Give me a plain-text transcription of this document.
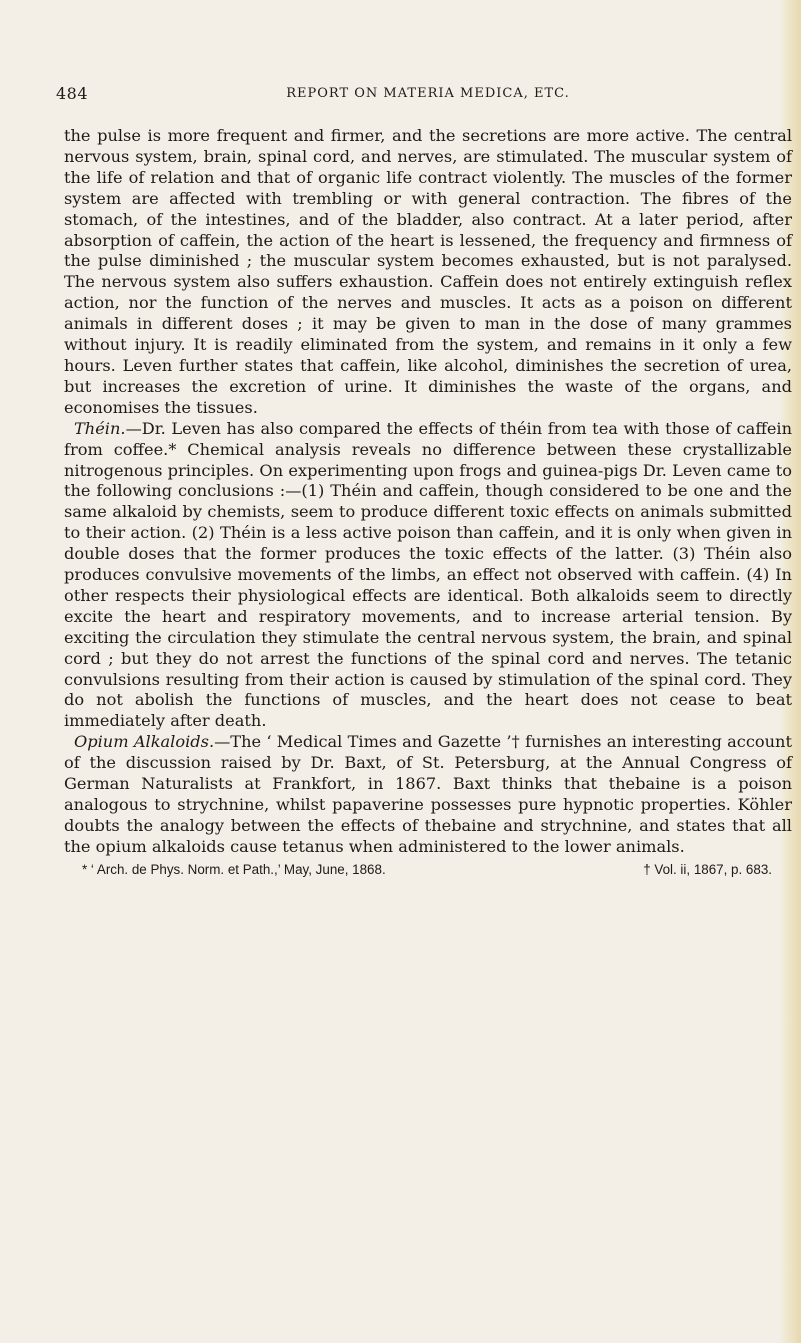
484	REPORT ON MATERIA MEDICA, ETC.

the pulse is more frequent and firmer, and the secretions are more active. The central nervous system, brain, spinal cord, and nerves, are stimulated. The muscular system of the life of relation and that of organic life contract violently. The muscles of the former system are affected with trembling or with general contraction. The fibres of the stomach, of the intestines, and of the bladder, also contract. At a later period, after absorption of caffein, the action of the heart is lessened, the frequency and firmness of the pulse diminished ; the muscular system becomes exhausted, but is not paralysed. The nervous system also suffers exhaustion. Caffein does not entirely extinguish reflex action, nor the function of the nerves and muscles. It acts as a poison on different animals in different doses ; it may be given to man in the dose of many grammes without injury. It is readily eliminated from the system, and remains in it only a few hours. Leven further states that caffein, like alcohol, diminishes the secretion of urea, but increases the excretion of urine. It diminishes the waste of the organs, and economises the tissues.

Théin.—Dr. Leven has also compared the effects of théin from tea with those of caffein from coffee.* Chemical analysis reveals no difference between these crystallizable nitrogenous principles. On experimenting upon frogs and guinea-pigs Dr. Leven came to the following conclusions :—(1) Théin and caffein, though considered to be one and the same alkaloid by chemists, seem to produce different toxic effects on animals submitted to their action. (2) Théin is a less active poison than caffein, and it is only when given in double doses that the former produces the toxic effects of the latter. (3) Théin also produces convulsive movements of the limbs, an effect not observed with caffein. (4) In other respects their physiological effects are identical. Both alkaloids seem to directly excite the heart and respiratory movements, and to increase arterial tension. By exciting the circulation they stimulate the central nervous system, the brain, and spinal cord ; but they do not arrest the functions of the spinal cord and nerves. The tetanic convulsions resulting from their action is caused by stimulation of the spinal cord. They do not abolish the functions of muscles, and the heart does not cease to beat immediately after death.

Opium Alkaloids.—The ‘ Medical Times and Gazette ’† furnishes an interesting account of the discussion raised by Dr. Baxt, of St. Petersburg, at the Annual Congress of German Naturalists at Frankfort, in 1867. Baxt thinks that thebaine is a poison analogous to strychnine, whilst papaverine possesses pure hypnotic properties. Köhler doubts the analogy between the effects of thebaine and strychnine, and states that all the opium alkaloids cause tetanus when administered to the lower animals.

* ‘ Arch. de Phys. Norm. et Path.,’ May, June, 1868.	† Vol. ii, 1867, p. 683.
